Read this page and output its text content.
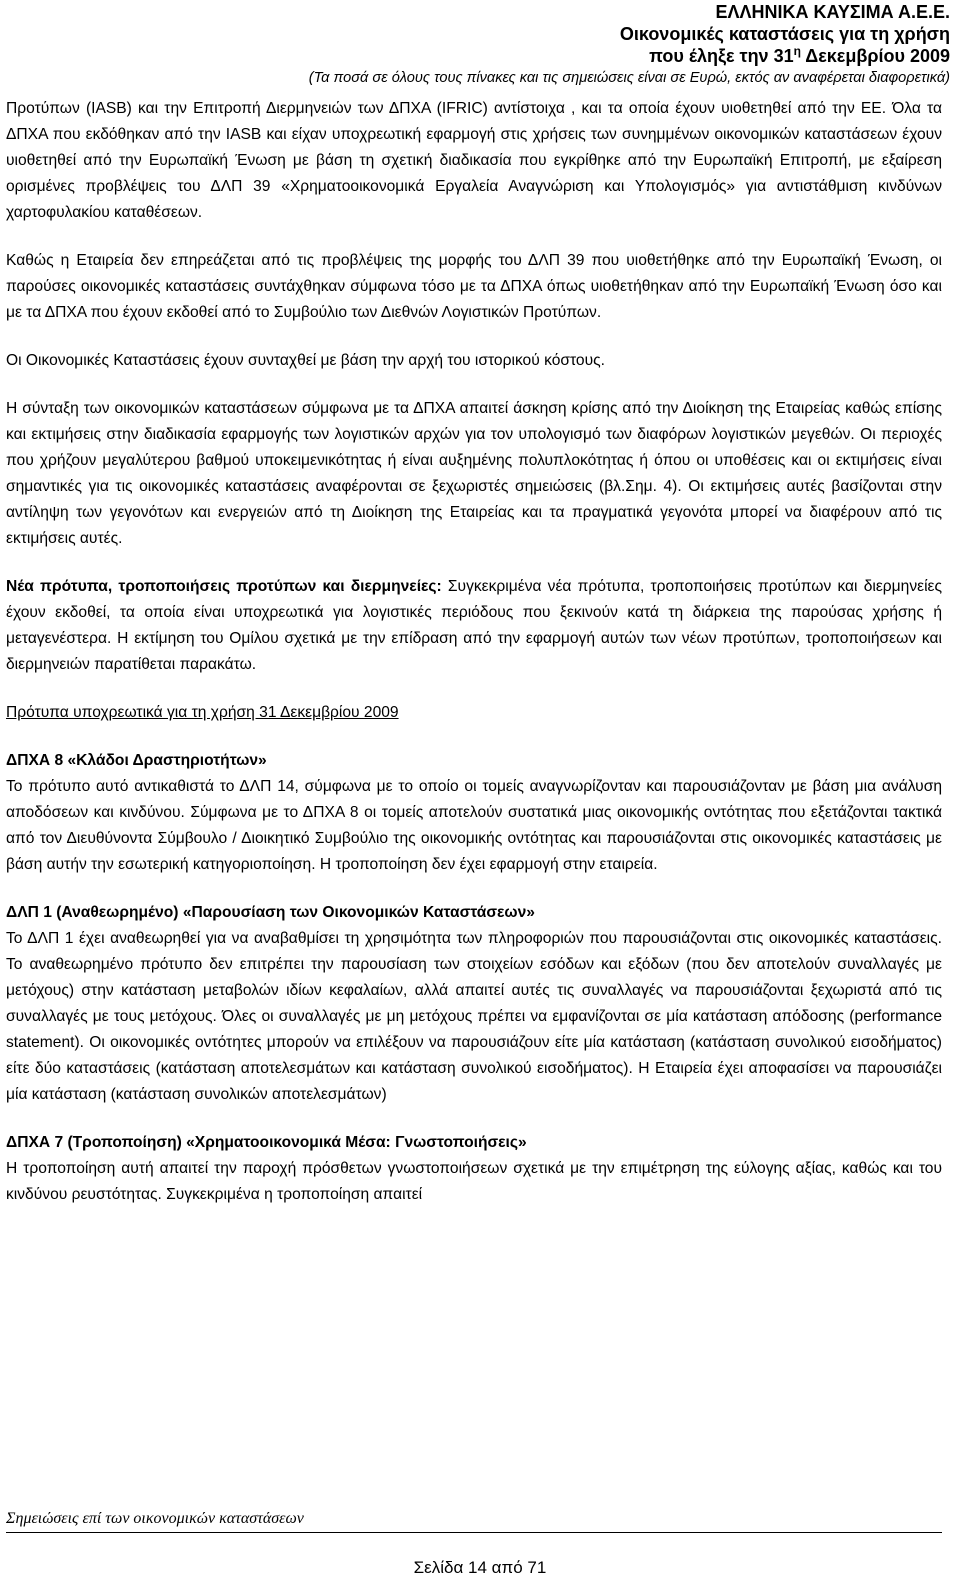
ΕΛΛΗΝΙΚΑ ΚΑΥΣΙΜΑ Α.Ε.Ε.
Οικονομικές καταστάσεις για τη χρήση
που έληξε την $31^\eta$ Δεκεμβρίου 2009
(Τα ποσά σε όλους τους πίνακες και τις σημειώσεις είναι σε Ευρώ, εκτός αν αναφέρεται διαφορετικά)

Προτύπων (IASB) και την Επιτροπή Διερμηνειών των ΔΠΧΑ (IFRIC) αντίστοιχα , και τα οποία έχουν υιοθετηθεί από την ΕΕ. Όλα τα ΔΠΧΑ που εκδόθηκαν από την IASB και είχαν υποχρεωτική εφαρμογή στις χρήσεις των συνημμένων οικονομικών καταστάσεων έχουν υιοθετηθεί από την Ευρωπαϊκή Ένωση με βάση τη σχετική διαδικασία που εγκρίθηκε από την Ευρωπαϊκή Επιτροπή, με εξαίρεση ορισμένες προβλέψεις του ΔΛΠ 39 «Χρηματοοικονομικά Εργαλεία Αναγνώριση και Υπολογισμός» για αντιστάθμιση κινδύνων χαρτοφυλακίου καταθέσεων.

Καθώς η Εταιρεία δεν επηρεάζεται από τις προβλέψεις της μορφής του ΔΛΠ 39 που υιοθετήθηκε από την Ευρωπαϊκή Ένωση, οι παρούσες οικονομικές καταστάσεις συντάχθηκαν σύμφωνα τόσο με τα ΔΠΧΑ όπως υιοθετήθηκαν από την Ευρωπαϊκή Ένωση όσο και με τα ΔΠΧΑ που έχουν εκδοθεί από το Συμβούλιο των Διεθνών Λογιστικών Προτύπων.

Οι Οικονομικές Καταστάσεις έχουν συνταχθεί με βάση την αρχή του ιστορικού κόστους.

Η σύνταξη των οικονομικών καταστάσεων σύμφωνα με τα ΔΠΧΑ απαιτεί άσκηση κρίσης από την Διοίκηση της Εταιρείας καθώς επίσης και εκτιμήσεις στην διαδικασία εφαρμογής των λογιστικών αρχών για τον υπολογισμό των διαφόρων λογιστικών μεγεθών. Οι περιοχές που χρήζουν μεγαλύτερου βαθμού υποκειμενικότητας ή είναι αυξημένης πολυπλοκότητας ή όπου οι υποθέσεις και οι εκτιμήσεις είναι σημαντικές για τις οικονομικές καταστάσεις αναφέρονται σε ξεχωριστές σημειώσεις (βλ.Σημ. 4). Οι εκτιμήσεις αυτές βασίζονται στην αντίληψη των γεγονότων και ενεργειών από τη Διοίκηση της Εταιρείας και τα πραγματικά γεγονότα μπορεί να διαφέρουν από τις εκτιμήσεις αυτές.

Νέα πρότυπα, τροποποιήσεις προτύπων και διερμηνείες: Συγκεκριμένα νέα πρότυπα, τροποποιήσεις προτύπων και διερμηνείες έχουν εκδοθεί, τα οποία είναι υποχρεωτικά για λογιστικές περιόδους που ξεκινούν κατά τη διάρκεια της παρούσας χρήσης ή μεταγενέστερα. Η εκτίμηση του Ομίλου σχετικά με την επίδραση από την εφαρμογή αυτών των νέων προτύπων, τροποποιήσεων και διερμηνειών παρατίθεται παρακάτω.

Πρότυπα υποχρεωτικά για τη χρήση 31 Δεκεμβρίου 2009

ΔΠΧΑ 8 «Κλάδοι Δραστηριοτήτων»

Το πρότυπο αυτό αντικαθιστά το ΔΛΠ 14, σύμφωνα με το οποίο οι τομείς αναγνωρίζονταν και παρουσιάζονταν με βάση μια ανάλυση αποδόσεων και κινδύνου. Σύμφωνα με το ΔΠΧΑ 8 οι τομείς αποτελούν συστατικά μιας οικονομικής οντότητας που εξετάζονται τακτικά από τον Διευθύνοντα Σύμβουλο / Διοικητικό Συμβούλιο της οικονομικής οντότητας και παρουσιάζονται στις οικονομικές καταστάσεις με βάση αυτήν την εσωτερική κατηγοριοποίηση. Η τροποποίηση δεν έχει εφαρμογή στην εταιρεία.

ΔΛΠ 1 (Αναθεωρημένο) «Παρουσίαση των Οικονομικών Καταστάσεων»

Το ΔΛΠ 1 έχει αναθεωρηθεί για να αναβαθμίσει τη χρησιμότητα των πληροφοριών που παρουσιάζονται στις οικονομικές καταστάσεις. Το αναθεωρημένο πρότυπο δεν επιτρέπει την παρουσίαση των στοιχείων εσόδων και εξόδων (που δεν αποτελούν συναλλαγές με μετόχους) στην κατάσταση μεταβολών ιδίων κεφαλαίων, αλλά απαιτεί αυτές τις συναλλαγές να παρουσιάζονται ξεχωριστά από τις συναλλαγές με τους μετόχους. Όλες οι συναλλαγές με μη μετόχους πρέπει να εμφανίζονται σε μία κατάσταση απόδοσης (performance statement). Οι οικονομικές οντότητες μπορούν να επιλέξουν να παρουσιάζουν είτε μία κατάσταση (κατάσταση συνολικού εισοδήματος) είτε δύο καταστάσεις (κατάσταση αποτελεσμάτων και κατάσταση συνολικού εισοδήματος). Η Εταιρεία έχει αποφασίσει να παρουσιάζει μία κατάσταση (κατάσταση συνολικών αποτελεσμάτων)

ΔΠΧΑ 7 (Τροποποίηση) «Χρηματοοικονομικά Μέσα: Γνωστοποιήσεις»

Η τροποποίηση αυτή απαιτεί την παροχή πρόσθετων γνωστοποιήσεων σχετικά με την επιμέτρηση της εύλογης αξίας, καθώς και του κινδύνου ρευστότητας. Συγκεκριμένα η τροποποίηση απαιτεί

Σημειώσεις επί των οικονομικών καταστάσεων
Σελίδα 14 από 71
